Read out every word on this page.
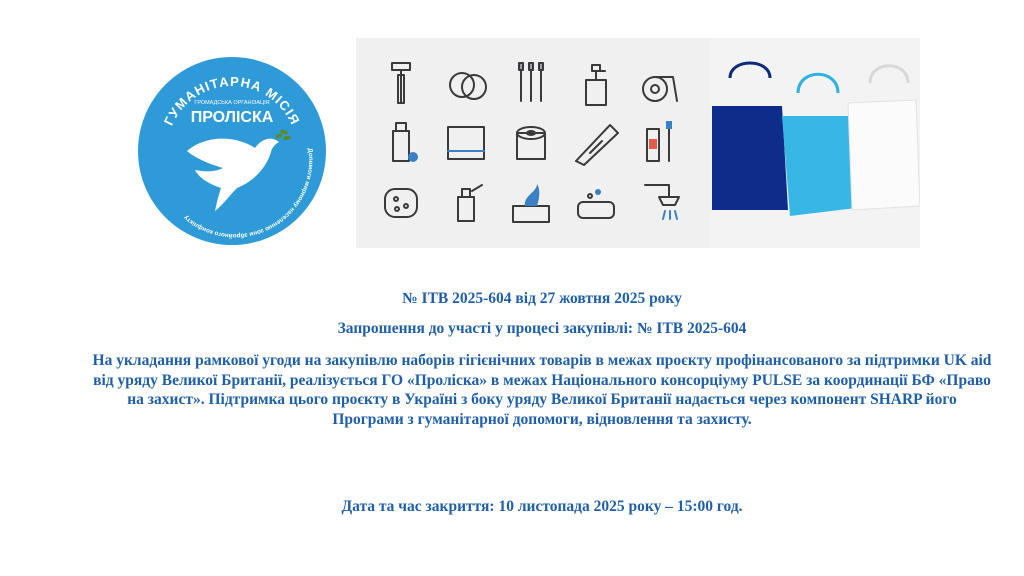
ГУМАНІТАРНА МІСІЯ
ГРОМАДСЬКА ОРГАНІЗАЦІЯ
ПРОЛІСКА
Допомоги мирному населенню зони збройного конфлікту
№ ІТВ 2025-604 від 27 жовтня 2025 року
Запрошення до участі у процесі закупівлі: № ІТВ 2025-604
На укладання рамкової угоди на закупівлю наборів гігієнічних товарів в межах проєкту профінансованого за підтримки UK aid від уряду Великої Британії, реалізується ГО «Проліска» в межах Національного консорціуму PULSE за координації БФ «Право на захист». Підтримка цього проєкту в Україні з боку уряду Великої Британії надається через компонент SHARP його Програми з гуманітарної допомоги, відновлення та захисту.
Дата та час закриття: 10 листопада 2025 року – 15:00 год.
